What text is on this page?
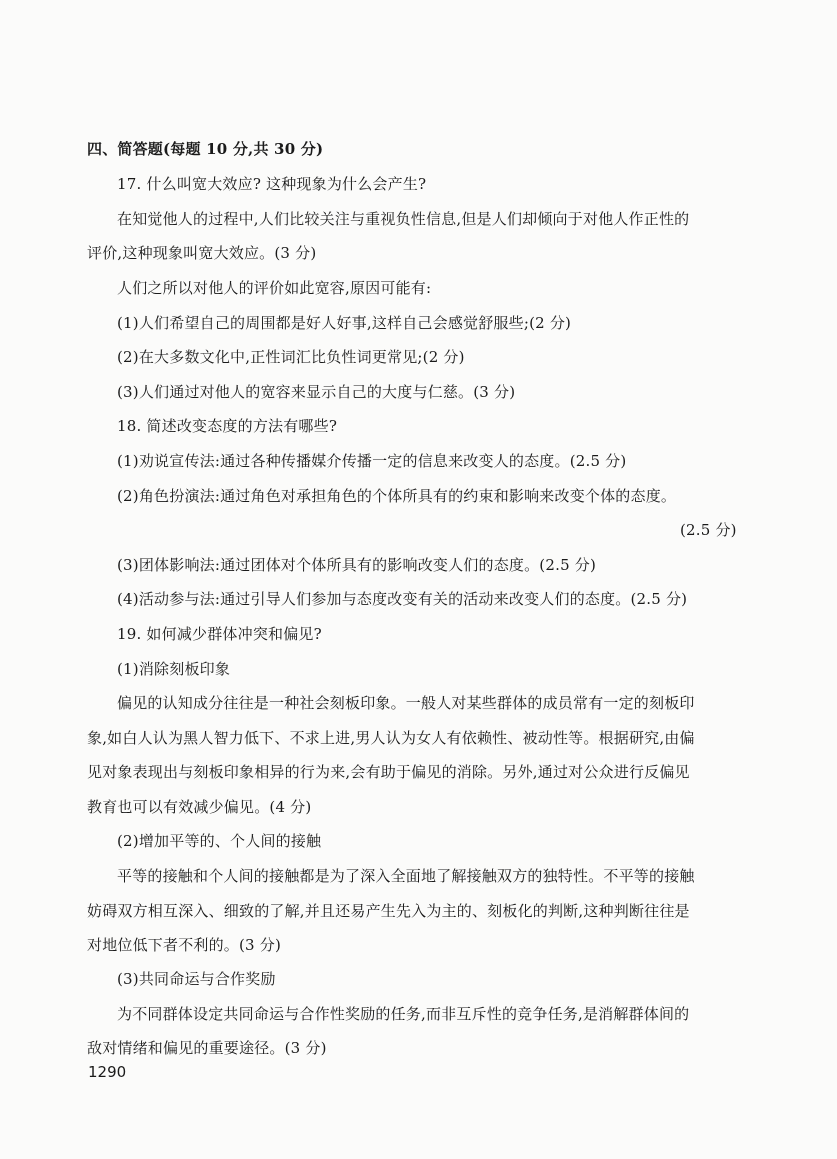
四、简答题(每题 10 分,共 30 分)

17. 什么叫宽大效应? 这种现象为什么会产生?

在知觉他人的过程中,人们比较关注与重视负性信息,但是人们却倾向于对他人作正性的

评价,这种现象叫宽大效应。(3 分)

人们之所以对他人的评价如此宽容,原因可能有:

(1)人们希望自己的周围都是好人好事,这样自己会感觉舒服些;(2 分)

(2)在大多数文化中,正性词汇比负性词更常见;(2 分)

(3)人们通过对他人的宽容来显示自己的大度与仁慈。(3 分)

18. 简述改变态度的方法有哪些?

(1)劝说宣传法:通过各种传播媒介传播一定的信息来改变人的态度。(2.5 分)

(2)角色扮演法:通过角色对承担角色的个体所具有的约束和影响来改变个体的态度。

(2.5 分)

(3)团体影响法:通过团体对个体所具有的影响改变人们的态度。(2.5 分)

(4)活动参与法:通过引导人们参加与态度改变有关的活动来改变人们的态度。(2.5 分)

19. 如何减少群体冲突和偏见?

(1)消除刻板印象

偏见的认知成分往往是一种社会刻板印象。一般人对某些群体的成员常有一定的刻板印

象,如白人认为黑人智力低下、不求上进,男人认为女人有依赖性、被动性等。根据研究,由偏

见对象表现出与刻板印象相异的行为来,会有助于偏见的消除。另外,通过对公众进行反偏见

教育也可以有效减少偏见。(4 分)

(2)增加平等的、个人间的接触

平等的接触和个人间的接触都是为了深入全面地了解接触双方的独特性。不平等的接触

妨碍双方相互深入、细致的了解,并且还易产生先入为主的、刻板化的判断,这种判断往往是

对地位低下者不利的。(3 分)

(3)共同命运与合作奖励

为不同群体设定共同命运与合作性奖励的任务,而非互斥性的竞争任务,是消解群体间的

敌对情绪和偏见的重要途径。(3 分)

1290
